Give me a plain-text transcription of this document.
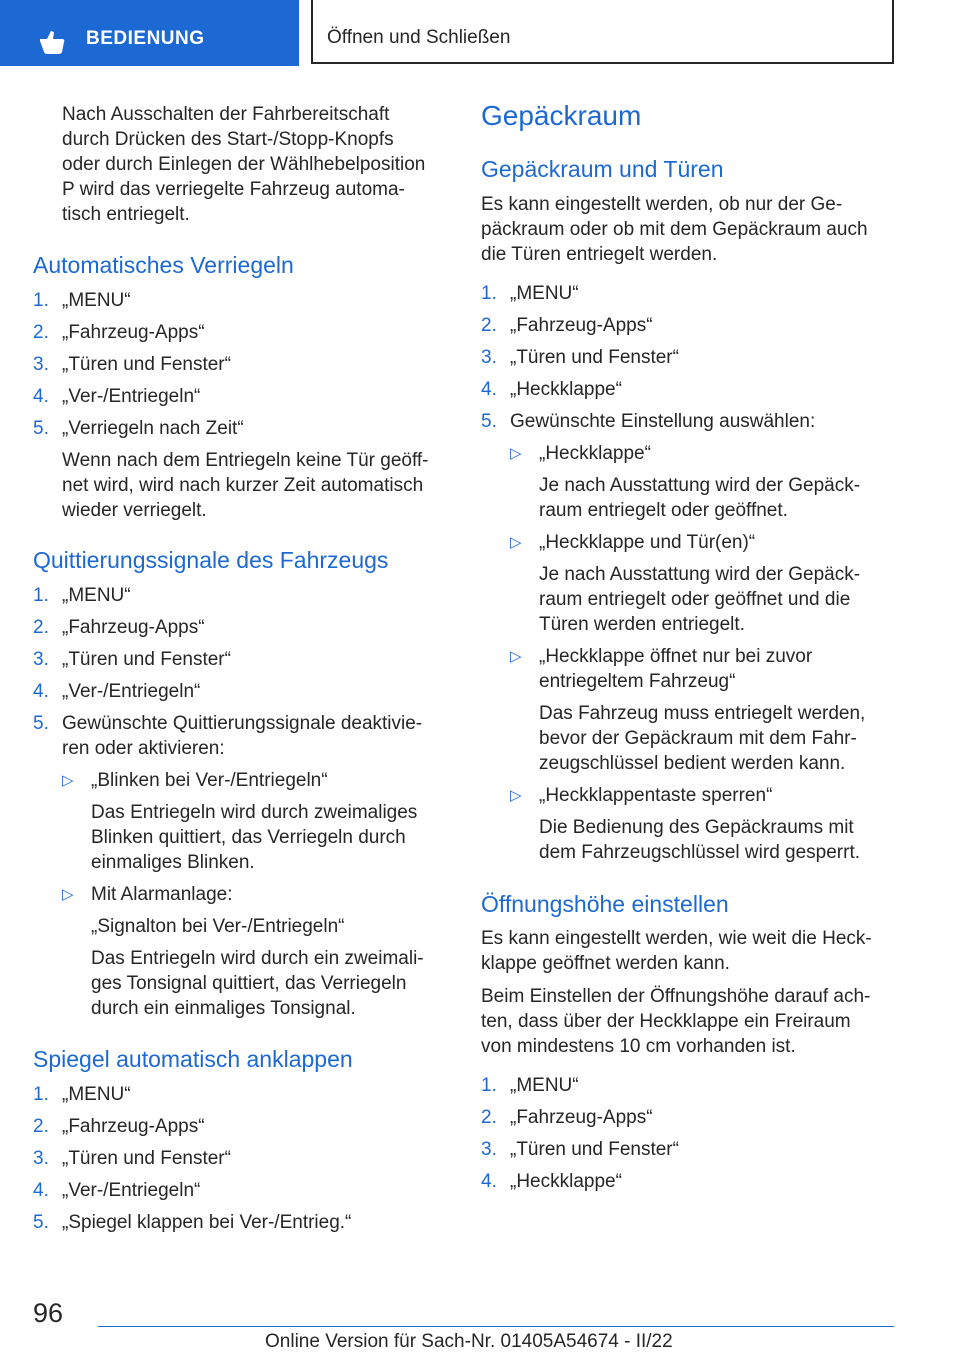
BEDIENUNG	Öffnen und Schließen

Nach Ausschalten der Fahrbereitschaft

durch Drücken des Start-/Stopp-Knopfs

oder durch Einlegen der Wählhebelposition

P wird das verriegelte Fahrzeug automa‐

tisch entriegelt.

Automatisches Verriegeln
1. „MENU“
2. „Fahrzeug-Apps“
3. „Türen und Fenster“
4. „Ver-/Entriegeln“
5. „Verriegeln nach Zeit“
Wenn nach dem Entriegeln keine Tür geöff‐
net wird, wird nach kurzer Zeit automatisch
wieder verriegelt.
Quittierungssignale des Fahrzeugs
1. „MENU“
2. „Fahrzeug-Apps“
3. „Türen und Fenster“
4. „Ver-/Entriegeln“
5. Gewünschte Quittierungssignale deaktivie‐
ren oder aktivieren:
▷ „Blinken bei Ver-/Entriegeln“
Das Entriegeln wird durch zweimaliges
Blinken quittiert, das Verriegeln durch
einmaliges Blinken.
▷ Mit Alarmanlage:
„Signalton bei Ver-/Entriegeln“
Das Entriegeln wird durch ein zweimali‐
ges Tonsignal quittiert, das Verriegeln
durch ein einmaliges Tonsignal.
Spiegel automatisch anklappen
1. „MENU“
2. „Fahrzeug-Apps“
3. „Türen und Fenster“
4. „Ver-/Entriegeln“
5. „Spiegel klappen bei Ver-/Entrieg.“
Gepäckraum
Gepäckraum und Türen

Es kann eingestellt werden, ob nur der Ge‐

päckraum oder ob mit dem Gepäckraum auch

die Türen entriegelt werden.

1. „MENU“
2. „Fahrzeug-Apps“
3. „Türen und Fenster“
4. „Heckklappe“
5. Gewünschte Einstellung auswählen:
▷ „Heckklappe“
Je nach Ausstattung wird der Gepäck‐
raum entriegelt oder geöffnet.
▷ „Heckklappe und Tür(en)“
Je nach Ausstattung wird der Gepäck‐
raum entriegelt oder geöffnet und die
Türen werden entriegelt.
▷ „Heckklappe öffnet nur bei zuvor
entriegeltem Fahrzeug“
Das Fahrzeug muss entriegelt werden,
bevor der Gepäckraum mit dem Fahr‐
zeugschlüssel bedient werden kann.
▷ „Heckklappentaste sperren“
Die Bedienung des Gepäckraums mit
dem Fahrzeugschlüssel wird gesperrt.
Öffnungshöhe einstellen

Es kann eingestellt werden, wie weit die Heck‐

klappe geöffnet werden kann.

Beim Einstellen der Öffnungshöhe darauf ach‐

ten, dass über der Heckklappe ein Freiraum

von mindestens 10 cm vorhanden ist.

1. „MENU“
2. „Fahrzeug-Apps“
3. „Türen und Fenster“
4. „Heckklappe“
96
Online Version für Sach-Nr. 01405A54674 - II/22
